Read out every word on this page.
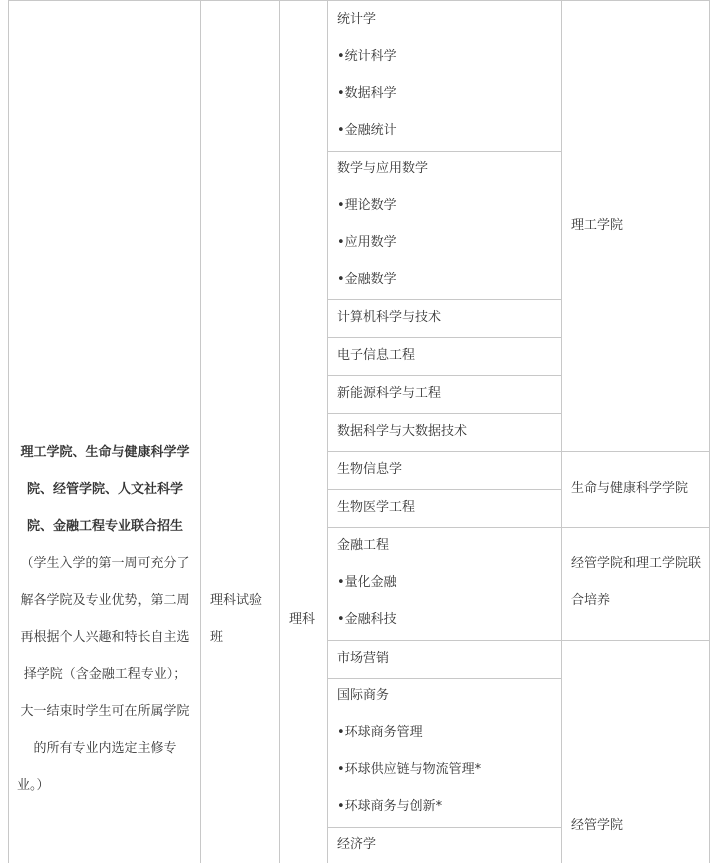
理工学院、生命与健康科学学
院、经管学院、人文社科学
院、金融工程专业联合招生
（学生入学的第一周可充分了
解各学院及专业优势，第二周
再根据个人兴趣和特长自主选
择学院（含金融工程专业）；
大一结束时学生可在所属学院
的所有专业内选定主修专
业。）
理科试验
班
理科
统计学
•统计科学
•数据科学
•金融统计
数学与应用数学
•理论数学
•应用数学
•金融数学
计算机科学与技术
电子信息工程
新能源科学与工程
数据科学与大数据技术
生物信息学
生物医学工程
金融工程
•量化金融
•金融科技
市场营销
国际商务
•环球商务管理
•环球供应链与物流管理*
•环球商务与创新*
经济学
理工学院
生命与健康科学学院
经管学院和理工学院联
合培养
经管学院
